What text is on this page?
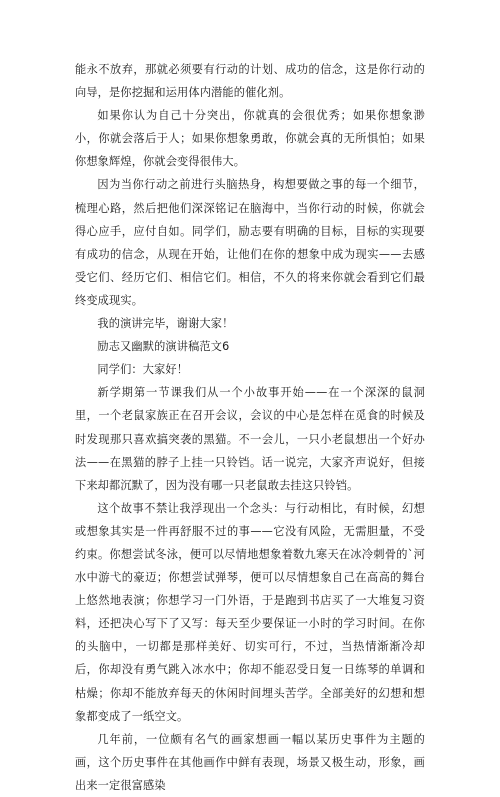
能永不放弃，那就必须要有行动的计划、成功的信念，这是你行动的向导，是你挖掘和运用体内潜能的催化剂。

如果你认为自己十分突出，你就真的会很优秀；如果你想象渺小，你就会落后于人；如果你想象勇敢，你就会真的无所惧怕；如果你想象辉煌，你就会变得很伟大。

因为当你行动之前进行头脑热身，构想要做之事的每一个细节，梳理心路，然后把他们深深铭记在脑海中，当你行动的时候，你就会得心应手，应付自如。同学们，励志要有明确的目标，目标的实现要有成功的信念，从现在开始，让他们在你的想象中成为现实——去感受它们、经历它们、相信它们。相信，不久的将来你就会看到它们最终变成现实。

我的演讲完毕，谢谢大家！

励志又幽默的演讲稿范文6

同学们：大家好！

新学期第一节课我们从一个小故事开始——在一个深深的鼠洞里，一个老鼠家族正在召开会议，会议的中心是怎样在觅食的时候及时发现那只喜欢搞突袭的黑猫。不一会儿，一只小老鼠想出一个好办法——在黑猫的脖子上挂一只铃铛。话一说完，大家齐声说好，但接下来却都沉默了，因为没有哪一只老鼠敢去挂这只铃铛。

这个故事不禁让我浮现出一个念头：与行动相比，有时候，幻想或想象其实是一件再舒服不过的事——它没有风险，无需胆量，不受约束。你想尝试冬泳，便可以尽情地想象着数九寒天在冰冷刺骨的`河水中游弋的豪迈；你想尝试弹琴，便可以尽情想象自己在高高的舞台上悠然地表演；你想学习一门外语，于是跑到书店买了一大堆复习资料，还把决心写下了又写：每天至少要保证一小时的学习时间。在你的头脑中，一切都是那样美好、切实可行，不过，当热情渐渐冷却后，你却没有勇气跳入冰水中；你却不能忍受日复一日练琴的单调和枯燥；你却不能放弃每天的休闲时间埋头苦学。全部美好的幻想和想象都变成了一纸空文。

几年前，一位颇有名气的画家想画一幅以某历史事件为主题的画，这个历史事件在其他画作中鲜有表现，场景又极生动，形象，画出来一定很富感染
